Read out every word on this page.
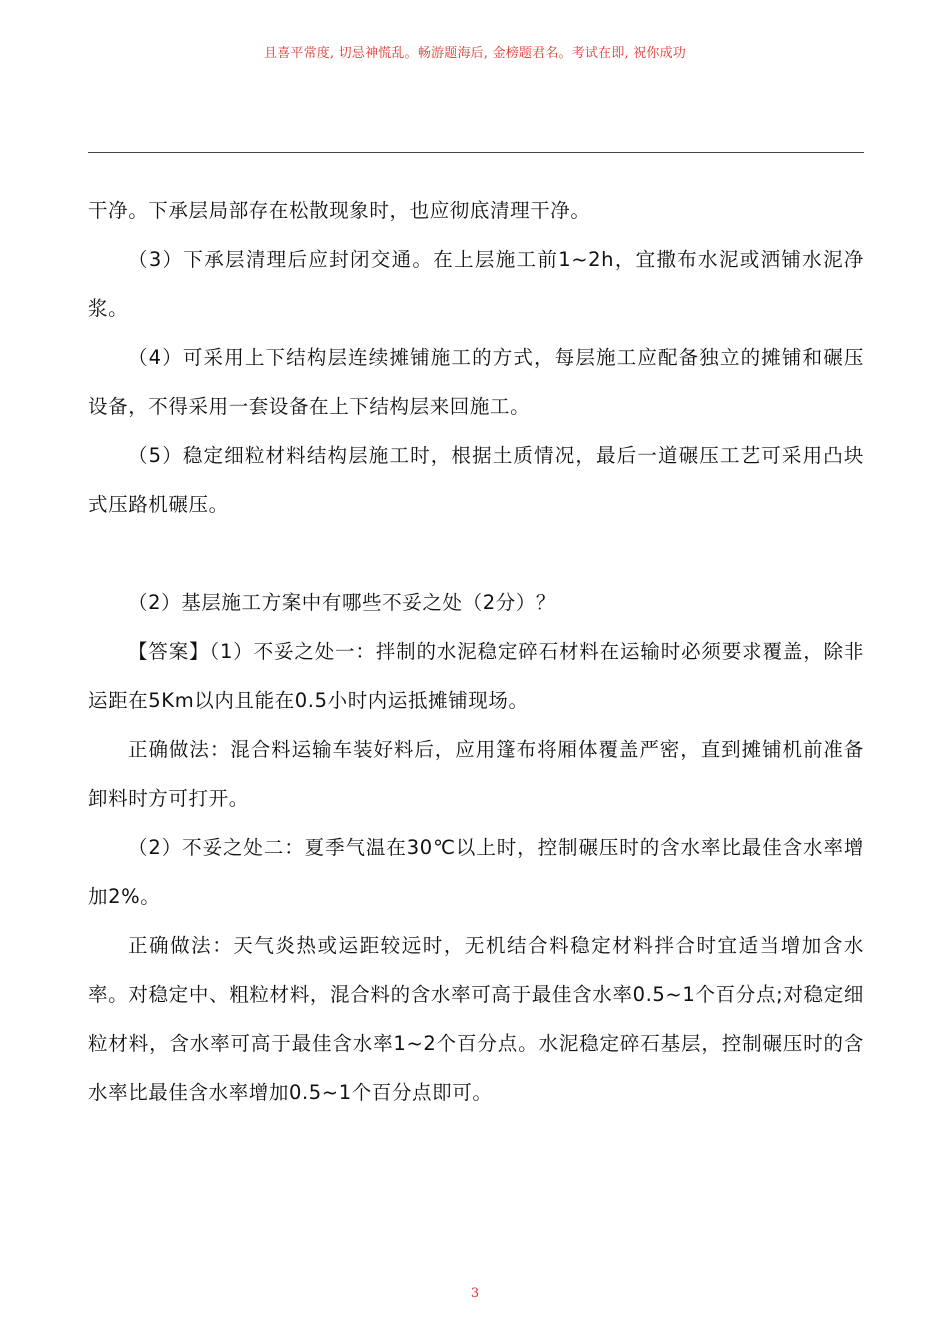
且喜平常度, 切忌神慌乱。畅游题海后, 金榜题君名。考试在即, 祝你成功

干净。下承层局部存在松散现象时，也应彻底清理干净。

（3）下承层清理后应封闭交通。在上层施工前1~2h，宜撒布水泥或洒铺水泥净浆。

（4）可采用上下结构层连续摊铺施工的方式，每层施工应配备独立的摊铺和碾压设备，不得采用一套设备在上下结构层来回施工。

（5）稳定细粒材料结构层施工时，根据土质情况，最后一道碾压工艺可采用凸块式压路机碾压。

（2）基层施工方案中有哪些不妥之处（2分）？

【答案】（1）不妥之处一：拌制的水泥稳定碎石材料在运输时必须要求覆盖，除非运距在5Km以内且能在0.5小时内运抵摊铺现场。

正确做法：混合料运输车装好料后，应用篷布将厢体覆盖严密，直到摊铺机前准备卸料时方可打开。

（2）不妥之处二：夏季气温在30℃以上时，控制碾压时的含水率比最佳含水率增加2%。

正确做法：天气炎热或运距较远时，无机结合料稳定材料拌合时宜适当增加含水率。对稳定中、粗粒材料，混合料的含水率可高于最佳含水率0.5~1个百分点;对稳定细粒材料，含水率可高于最佳含水率1~2个百分点。水泥稳定碎石基层，控制碾压时的含水率比最佳含水率增加0.5~1个百分点即可。

3
